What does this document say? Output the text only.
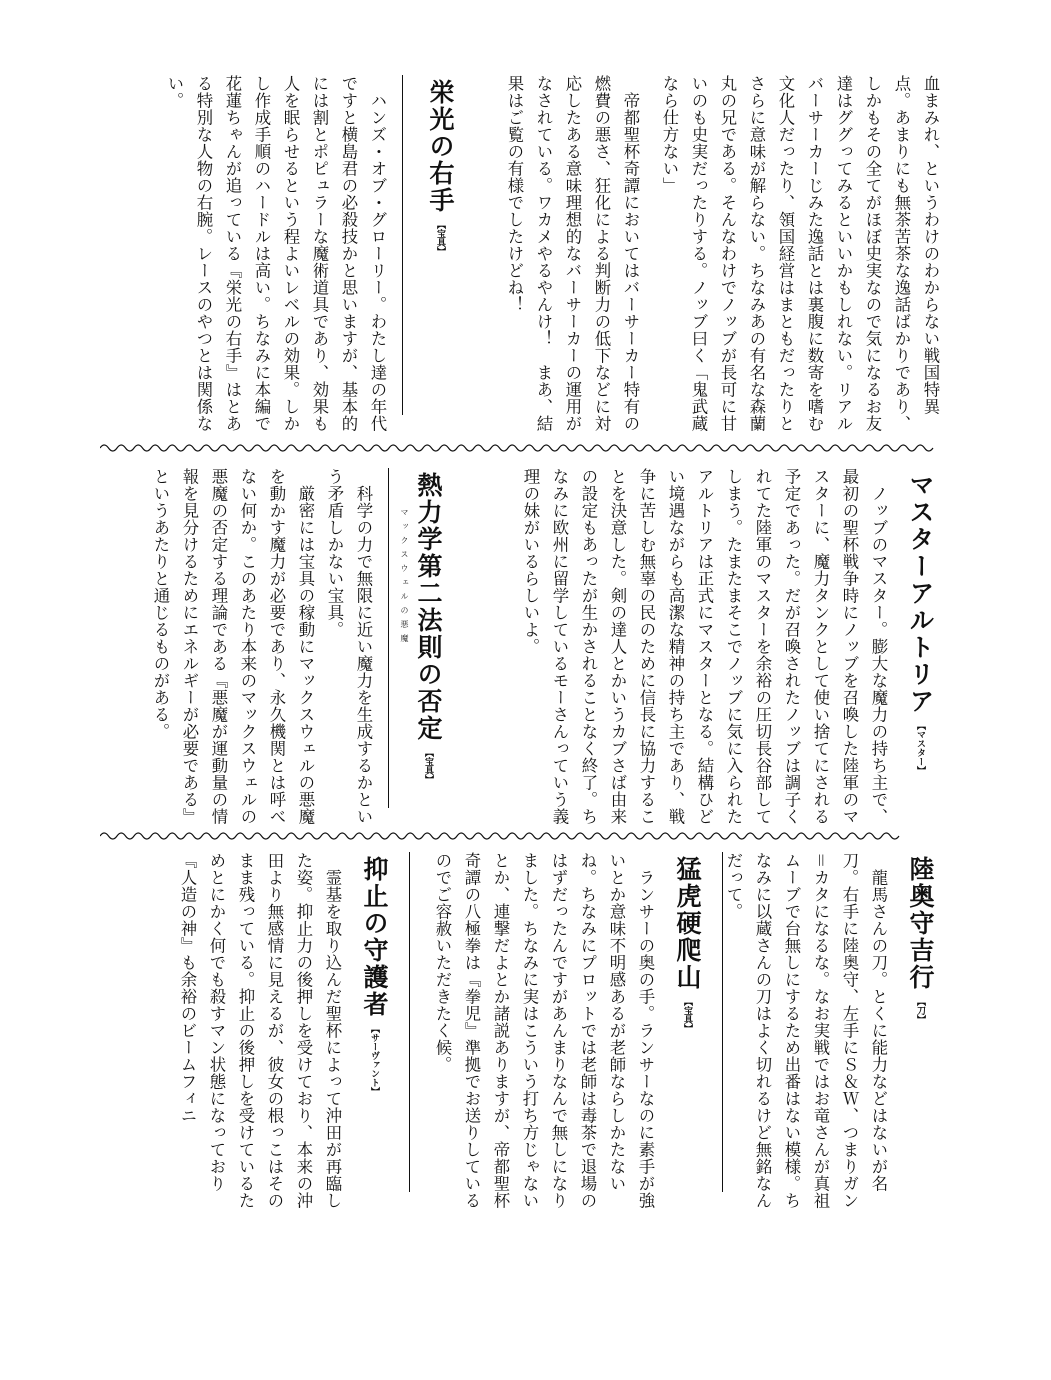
血まみれ、というわけのわからない戦国特異点。あまりにも無茶苦茶な逸話ばかりであり、しかもその全てがほぼ史実なので気になるお友達はググってみるといいかもしれない。リアルバーサーカーじみた逸話とは裏腹に数寄を嗜む文化人だったり、領国経営はまともだったりとさらに意味が解らない。ちなみあの有名な森蘭丸の兄である。そんなわけでノッブが長可に甘いのも史実だったりする。ノッブ曰く「鬼武蔵なら仕方ない」

　帝都聖杯奇譚においてはバーサーカー特有の燃費の悪さ、狂化による判断力の低下などに対応したある意味理想的なバーサーカーの運用がなされている。ワカメやるやんけ！　まあ、結果はご覧の有様でしたけどね！

栄光の右手【宝具】

　ハンズ・オブ・グローリー。わたし達の年代ですと横島君の必殺技かと思いますが、基本的には割とポピュラーな魔術道具であり、効果も人を眠らせるという程よいレベルの効果。しかし作成手順のハードルは高い。ちなみに本編で花蓮ちゃんが追っている『栄光の右手』はとある特別な人物の右腕。レースのやつとは関係ない。

マスターアルトリア【マスター】

　ノッブのマスター。膨大な魔力の持ち主で、最初の聖杯戦争時にノッブを召喚した陸軍のマスターに、魔力タンクとして使い捨てにされる予定であった。だが召喚されたノッブは調子くれてた陸軍のマスターを余裕の圧切長谷部してしまう。たまたまそこでノッブに気に入られたアルトリアは正式にマスターとなる。結構ひどい境遇ながらも高潔な精神の持ち主であり、戦争に苦しむ無辜の民のために信長に協力することを決意した。剣の達人とかいうカブさば由来の設定もあったが生かされることなく終了。ちなみに欧州に留学しているモーさんっていう義理の妹がいるらしいよ。

熱力学第二法則の否定【宝具】
マックスウェルの悪魔

　科学の力で無限に近い魔力を生成するかという矛盾しかない宝具。
　厳密には宝具の稼動にマックスウェルの悪魔を動かす魔力が必要であり、永久機関とは呼べない何か。このあたり本来のマックスウェルの悪魔の否定する理論である『悪魔が運動量の情報を見分けるためにエネルギーが必要である』というあたりと通じるものがある。

陸奥守吉行【刀】

　龍馬さんの刀。とくに能力などはないが名刀。右手に陸奥守、左手にＳ＆Ｗ、つまりガン＝カタになるな。なお実戦ではお竜さんが真祖ムーブで台無しにするため出番はない模様。ちなみに以蔵さんの刀はよく切れるけど無銘なんだって。

猛虎硬爬山【宝具】

　ランサーの奥の手。ランサーなのに素手が強いとか意味不明感あるが老師ならしかたないね。ちなみにプロットでは老師は毒茶で退場のはずだったんですがあんまりなんで無しになりました。ちなみに実はこういう打ち方じゃないとか、連撃だよとか諸説ありますが、帝都聖杯奇譚の八極拳は『拳児』準拠でお送りしているのでご容赦いただきたく候。

抑止の守護者【サーヴァント】

　霊基を取り込んだ聖杯によって沖田が再臨した姿。抑止力の後押しを受けており、本来の沖田より無感情に見えるが、彼女の根っこはそのまま残っている。抑止の後押しを受けているためとにかく何でも殺すマン状態になっており『人造の神』も余裕のビームフィニ
